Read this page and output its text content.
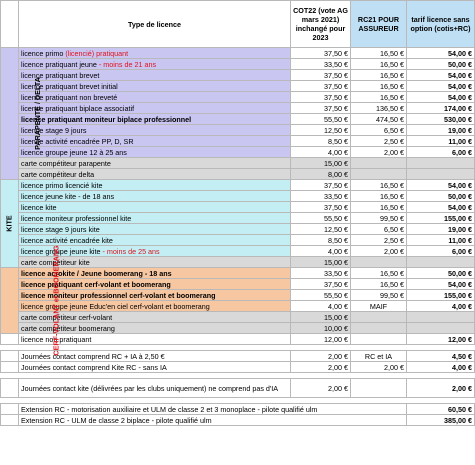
	Type de licence	COT22 (vote AG mars 2021) inchangé pour 2023	RC21 POUR ASSUREUR	tarif licence sans option (cotis+RC)
PARAPENTE / DELTA	licence primo (licencié) pratiquant	37,50 €	16,50 €	54,00 €
	licence pratiquant jeune - moins de 21 ans	33,50 €	16,50 €	50,00 €
	licence pratiquant brevet	37,50 €	16,50 €	54,00 €
	licence pratiquant brevet initial	37,50 €	16,50 €	54,00 €
	licence pratiquant non breveté	37,50 €	16,50 €	54,00 €
	licence pratiquant biplace associatif	37,50 €	136,50 €	174,00 €
	licence pratiquant moniteur biplace professionnel	55,50 €	474,50 €	530,00 €
	licence stage 9 jours	12,50 €	6,50 €	19,00 €
	licence activité encadrée PP, D, SR	8,50 €	2,50 €	11,00 €
	licence groupe jeune 12 à 25 ans	4,00 €	2,00 €	6,00 €
	carte compétiteur parapente	15,00 €		
	carte compétiteur delta	8,00 €		
KITE	licence primo licencié kite	37,50 €	16,50 €	54,00 €
	licence jeune kite - de 18 ans	33,50 €	16,50 €	50,00 €
	licence kite	37,50 €	16,50 €	54,00 €
	licence moniteur professionnel kite	55,50 €	99,50 €	155,00 €
	licence stage 9 jours kite	12,50 €	6,50 €	19,00 €
	licence activité encadrée kite	8,50 €	2,50 €	11,00 €
	licence groupe jeune kite - moins de 25 ans	4,00 €	2,00 €	6,00 €
	carte compétiteur kite	15,00 €		
CERF-VOLANT et BOOMERANG	licence acrokite / Jeune boomerang - 18 ans	33,50 €	16,50 €	50,00 €
	licence pratiquant cerf-volant et boomerang	37,50 €	16,50 €	54,00 €
	licence moniteur professionnel cerf-volant et boomerang	55,50 €	99,50 €	155,00 €
	licence groupe jeune Educ'en ciel cerf-volant et boomerang	4,00 €	MAIF	4,00 €
	carte compétiteur cerf-volant	15,00 €		
	carte compétiteur boomerang	10,00 €		
	licence non pratiquant	12,00 €		12,00 €

	Journées contact comprend RC + IA à 2,50 €	2,00 €	RC et IA	4,50 €
	Journées contact comprend Kite RC - sans IA	2,00 €	2,00 €	4,00 €

	Journées contact kite (délivrées par les clubs uniquement) ne comprend pas d'IA	2,00 €		2,00 €

	Extension RC - motorisation auxiliaire et ULM de classe 2 et 3 monoplace - pilote qualifié ulm			60,50 €
	Extension RC - ULM de classe 2 biplace - pilote qualifié ulm			385,00 €
